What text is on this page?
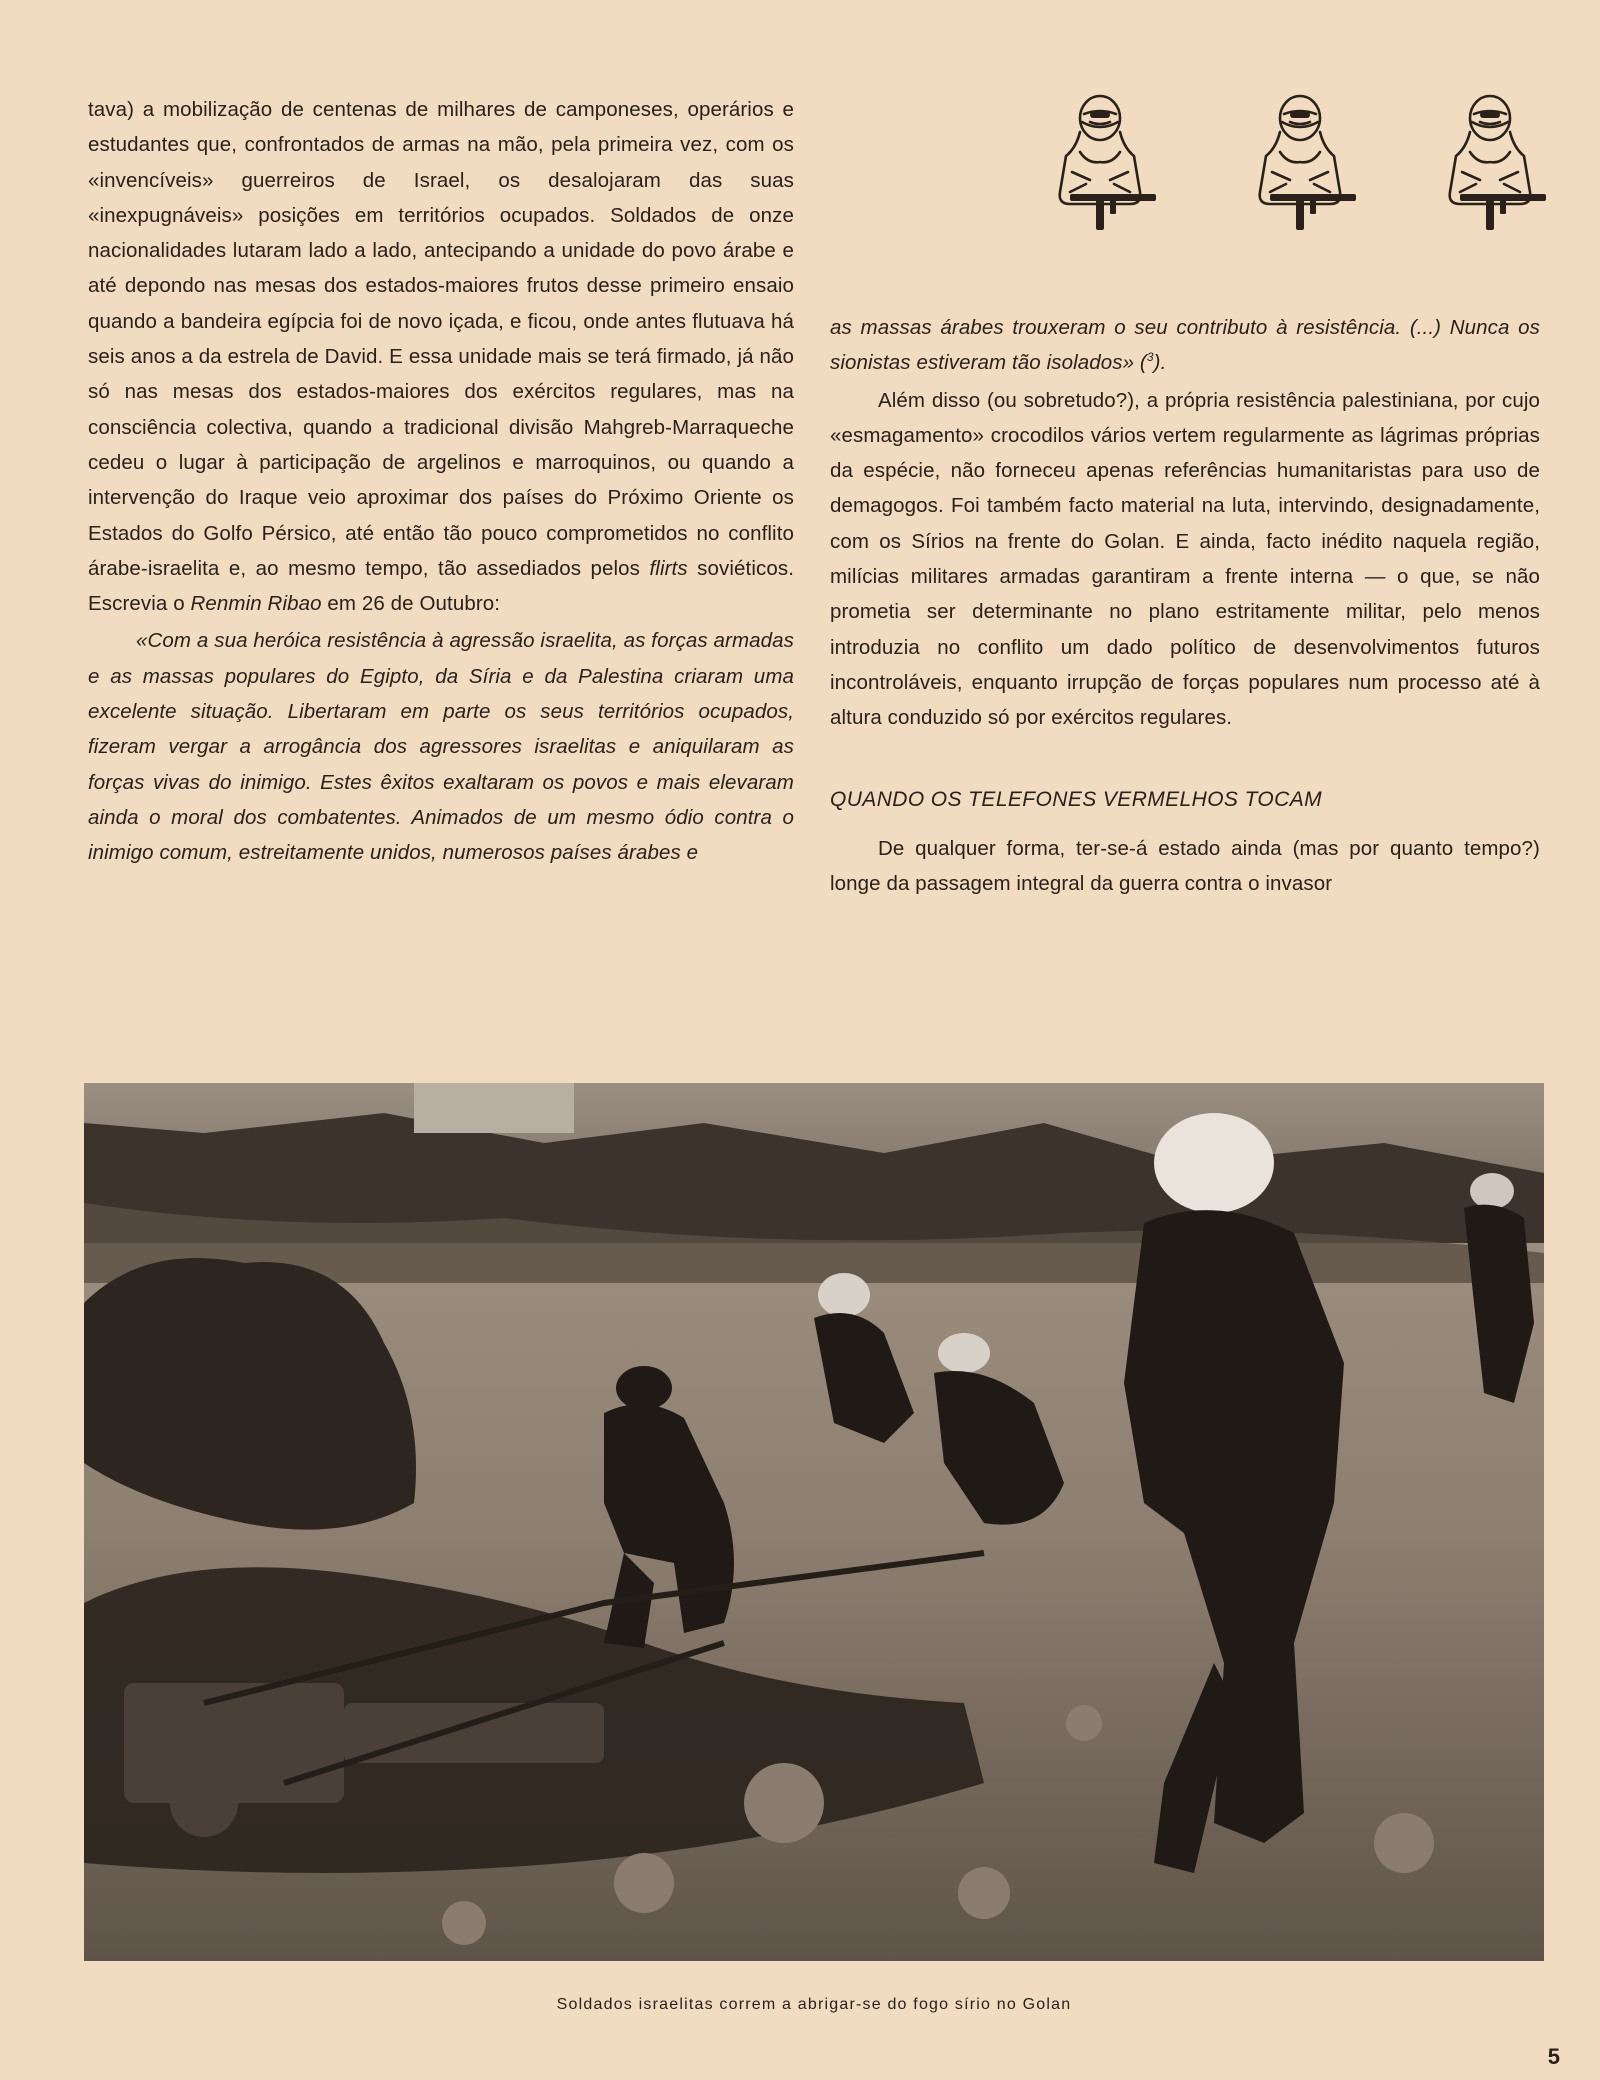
tava) a mobilização de centenas de milhares de camponeses, operários e estudantes que, confrontados de armas na mão, pela primeira vez, com os «invencíveis» guerreiros de Israel, os desalojaram das suas «inexpugnáveis» posições em territórios ocupados. Soldados de onze nacionalidades lutaram lado a lado, antecipando a unidade do povo árabe e até depondo nas mesas dos estados-maiores frutos desse primeiro ensaio quando a bandeira egípcia foi de novo içada, e ficou, onde antes flutuava há seis anos a da estrela de David. E essa unidade mais se terá firmado, já não só nas mesas dos estados-maiores dos exércitos regulares, mas na consciência colectiva, quando a tradicional divisão Mahgreb-Marraqueche cedeu o lugar à participação de argelinos e marroquinos, ou quando a intervenção do Iraque veio aproximar dos países do Próximo Oriente os Estados do Golfo Pérsico, até então tão pouco comprometidos no conflito árabe-israelita e, ao mesmo tempo, tão assediados pelos flirts soviéticos. Escrevia o Renmin Ribao em 26 de Outubro:

«Com a sua heróica resistência à agressão israelita, as forças armadas e as massas populares do Egipto, da Síria e da Palestina criaram uma excelente situação. Libertaram em parte os seus territórios ocupados, fizeram vergar a arrogância dos agressores israelitas e aniquilaram as forças vivas do inimigo. Estes êxitos exaltaram os povos e mais elevaram ainda o moral dos combatentes. Animados de um mesmo ódio contra o inimigo comum, estreitamente unidos, numerosos países árabes e

as massas árabes trouxeram o seu contributo à resistência. (...) Nunca os sionistas estiveram tão isolados» ($^3$).

Além disso (ou sobretudo?), a própria resistência palestiniana, por cujo «esmagamento» crocodilos vários vertem regularmente as lágrimas próprias da espécie, não forneceu apenas referências humanitaristas para uso de demagogos. Foi também facto material na luta, intervindo, designadamente, com os Sírios na frente do Golan. E ainda, facto inédito naquela região, milícias militares armadas garantiram a frente interna — o que, se não prometia ser determinante no plano estritamente militar, pelo menos introduzia no conflito um dado político de desenvolvimentos futuros incontroláveis, enquanto irrupção de forças populares num processo até à altura conduzido só por exércitos regulares.

QUANDO OS TELEFONES VERMELHOS TOCAM

De qualquer forma, ter-se-á estado ainda (mas por quanto tempo?) longe da passagem integral da guerra contra o invasor

Soldados israelitas correm a abrigar-se do fogo sírio no Golan
5
